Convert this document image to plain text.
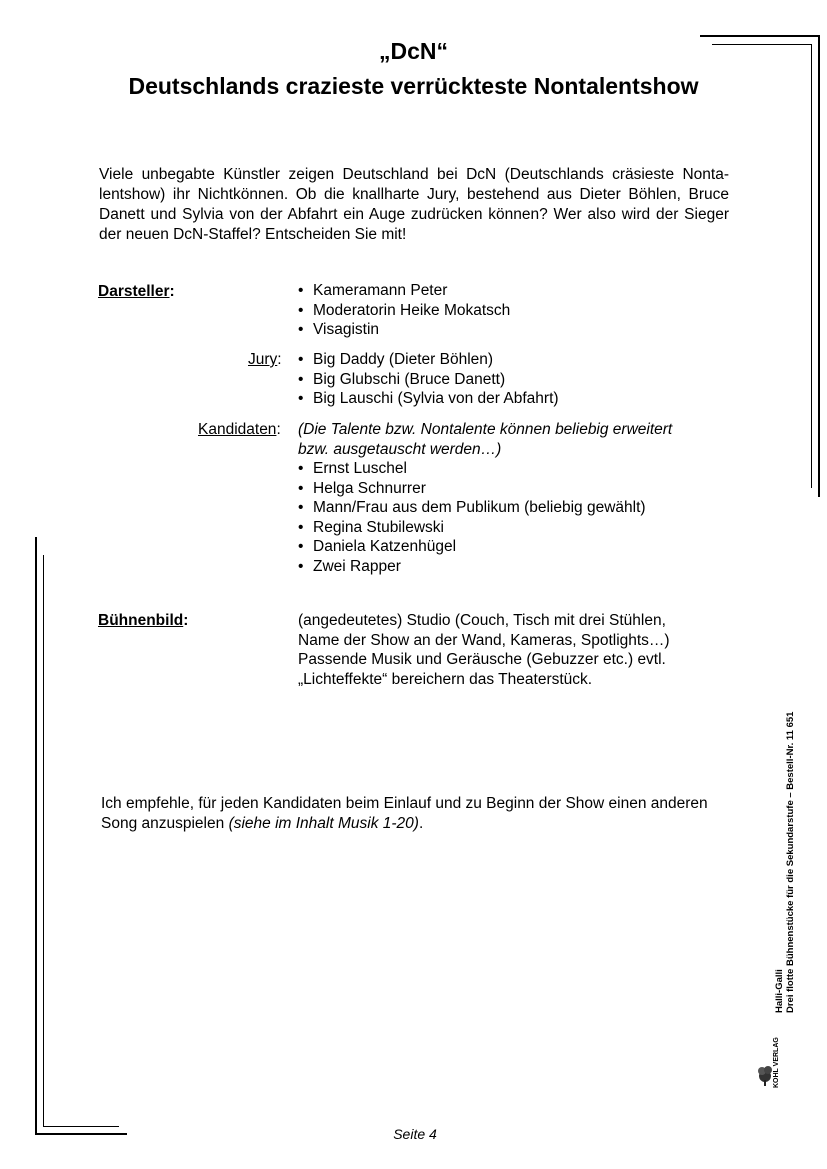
„DcN“
Deutschlands crazieste verrückteste Nontalentshow
Viele unbegabte Künstler zeigen Deutschland bei DcN (Deutschlands cräsieste Nonta-lentshow) ihr Nichtkönnen. Ob die knallharte Jury, bestehend aus Dieter Böhlen, Bruce Danett und Sylvia von der Abfahrt ein Auge zudrücken können? Wer also wird der Sieger der neuen DcN-Staffel? Entscheiden Sie mit!
Darsteller:	• Kameramann Peter
• Moderatorin Heike Mokatsch
• Visagistin
Jury:	• Big Daddy (Dieter Böhlen)
• Big Glubschi (Bruce Danett)
• Big Lauschi (Sylvia von der Abfahrt)
Kandidaten: (Die Talente bzw. Nontalente können beliebig erweitert bzw. ausgetauscht werden…)
• Ernst Luschel
• Helga Schnurrer
• Mann/Frau aus dem Publikum (beliebig gewählt)
• Regina Stubilewski
• Daniela Katzenhügel
• Zwei Rapper
Bühnenbild:	(angedeutetes) Studio (Couch, Tisch mit drei Stühlen,
Name der Show an der Wand, Kameras, Spotlights…)
Passende Musik und Geräusche (Gebuzzer etc.) evtl.
„Lichteffekte“ bereichern das Theaterstück.
Ich empfehle, für jeden Kandidaten beim Einlauf und zu Beginn der Show einen anderen Song anzuspielen (siehe im Inhalt Musik 1-20).
Halli-Galli Drei flotte Bühnenstücke für die Sekundarstufe – Bestell-Nr. 11 651
KOHL VERLAG
Seite 4
